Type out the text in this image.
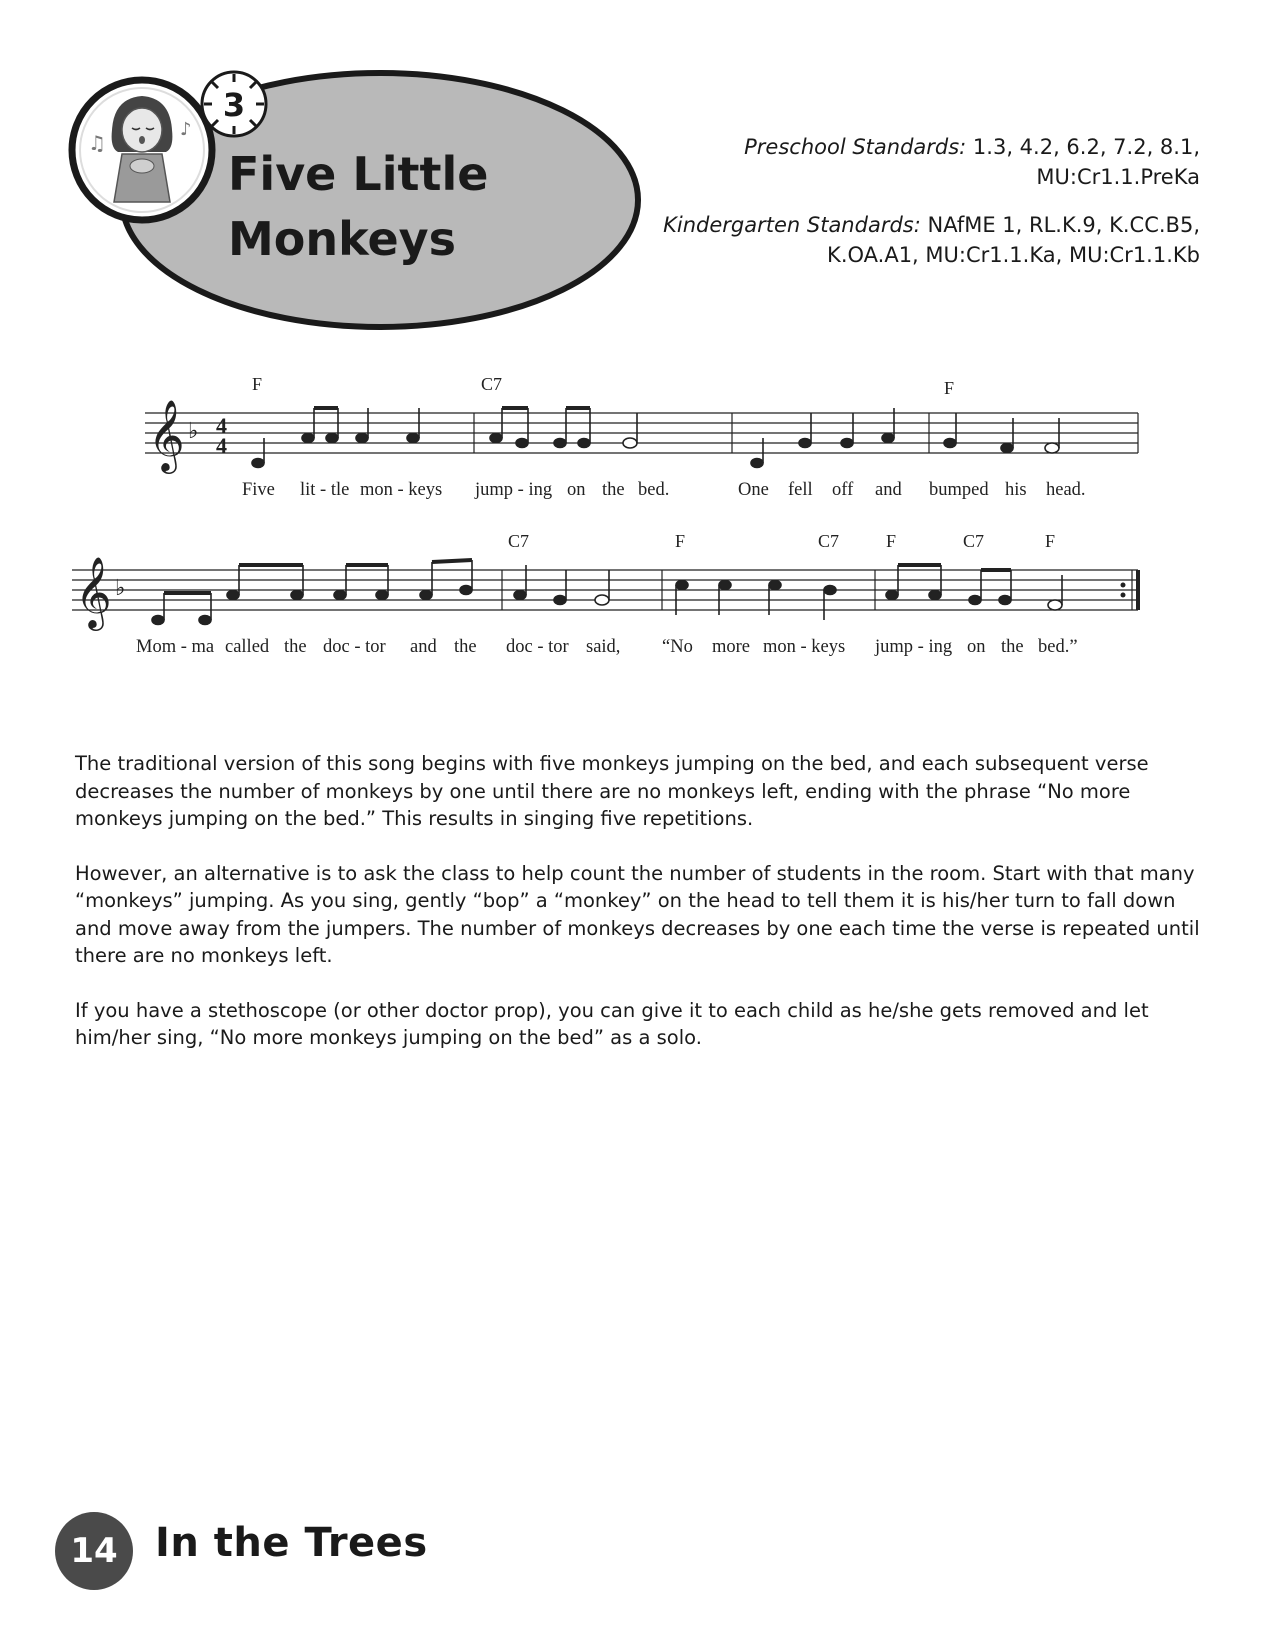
♫
♪
3
Five Little
Monkeys

Preschool Standards: 1.3, 4.2, 6.2, 7.2, 8.1,
MU:Cr1.1.PreKa

Kindergarten Standards: NAfME 1, RL.K.9, K.CC.B5,
K.OA.A1, MU:Cr1.1.Ka, MU:Cr1.1.Kb

𝄞 ♭ 4
4
𝄞 ♭
F	C7	F
C7	F	C7	F	C7	F
Five lit - tle mon - keys jump - ing on the bed.	One fell off and bumped his head.
Mom - ma called the doc - tor and the doc - tor said, “No more mon - keys jump - ing on the bed.”

The traditional version of this song begins with five monkeys jumping on the bed, and each subsequent verse decreases the number of monkeys by one until there are no monkeys left, ending with the phrase “No more monkeys jumping on the bed.” This results in singing five repetitions.

However, an alternative is to ask the class to help count the number of students in the room. Start with that many “monkeys” jumping. As you sing, gently “bop” a “monkey” on the head to tell them it is his/her turn to fall down and move away from the jumpers. The number of monkeys decreases by one each time the verse is repeated until there are no monkeys left.

If you have a stethoscope (or other doctor prop), you can give it to each child as he/she gets removed and let him/her sing, “No more monkeys jumping on the bed” as a solo.

14 In the Trees
